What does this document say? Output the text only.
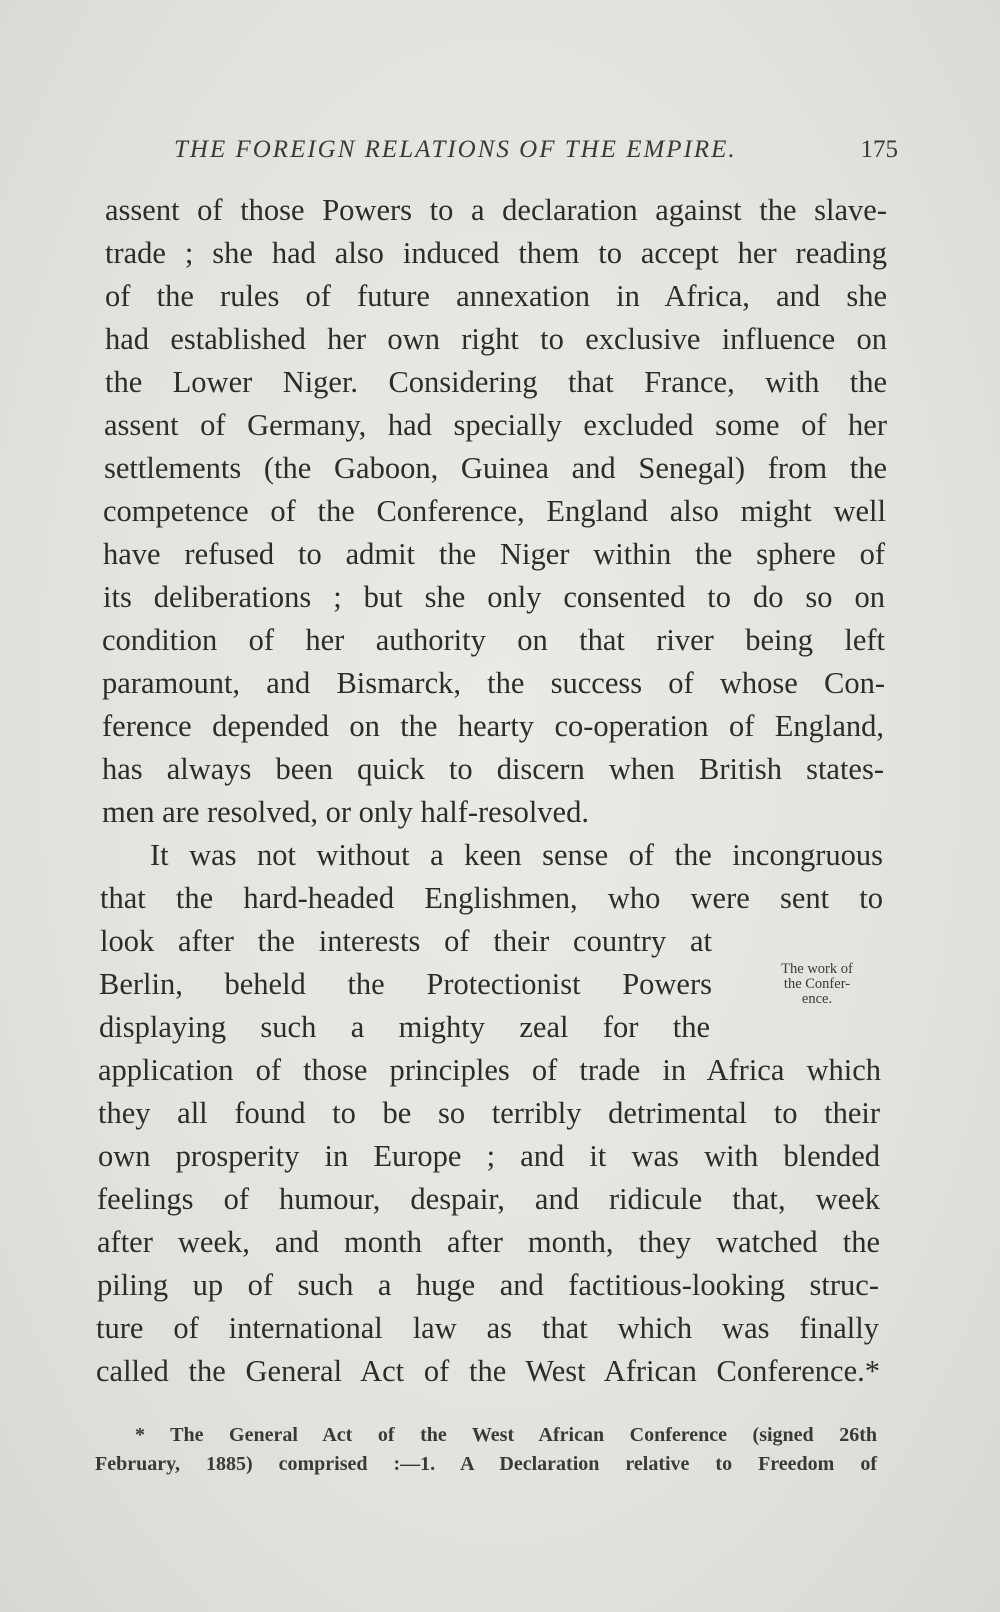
THE FOREIGN RELATIONS OF THE EMPIRE.	175
assent of those Powers to a declaration against the slave-
trade ; she had also induced them to accept her reading
of the rules of future annexation in Africa, and she
had established her own right to exclusive influence on
the Lower Niger. Considering that France, with the
assent of Germany, had specially excluded some of her
settlements (the Gaboon, Guinea and Senegal) from the
competence of the Conference, England also might well
have refused to admit the Niger within the sphere of
its deliberations ; but she only consented to do so on
condition of her authority on that river being left
paramount, and Bismarck, the success of whose Con-
ference depended on the hearty co-operation of England,
has always been quick to discern when British states-
men are resolved, or only half-resolved.
It was not without a keen sense of the incongruous
that the hard-headed Englishmen, who were sent to
look after the interests of their country at
Berlin, beheld the Protectionist Powers
displaying such a mighty zeal for the
application of those principles of trade in Africa which
they all found to be so terribly detrimental to their
own prosperity in Europe ; and it was with blended
feelings of humour, despair, and ridicule that, week
after week, and month after month, they watched the
piling up of such a huge and factitious-looking struc-
ture of international law as that which was finally
called the General Act of the West African Conference.*
The work of
the Confer-
ence.
* The General Act of the West African Conference (signed 26th
February, 1885) comprised :—1. A Declaration relative to Freedom of
